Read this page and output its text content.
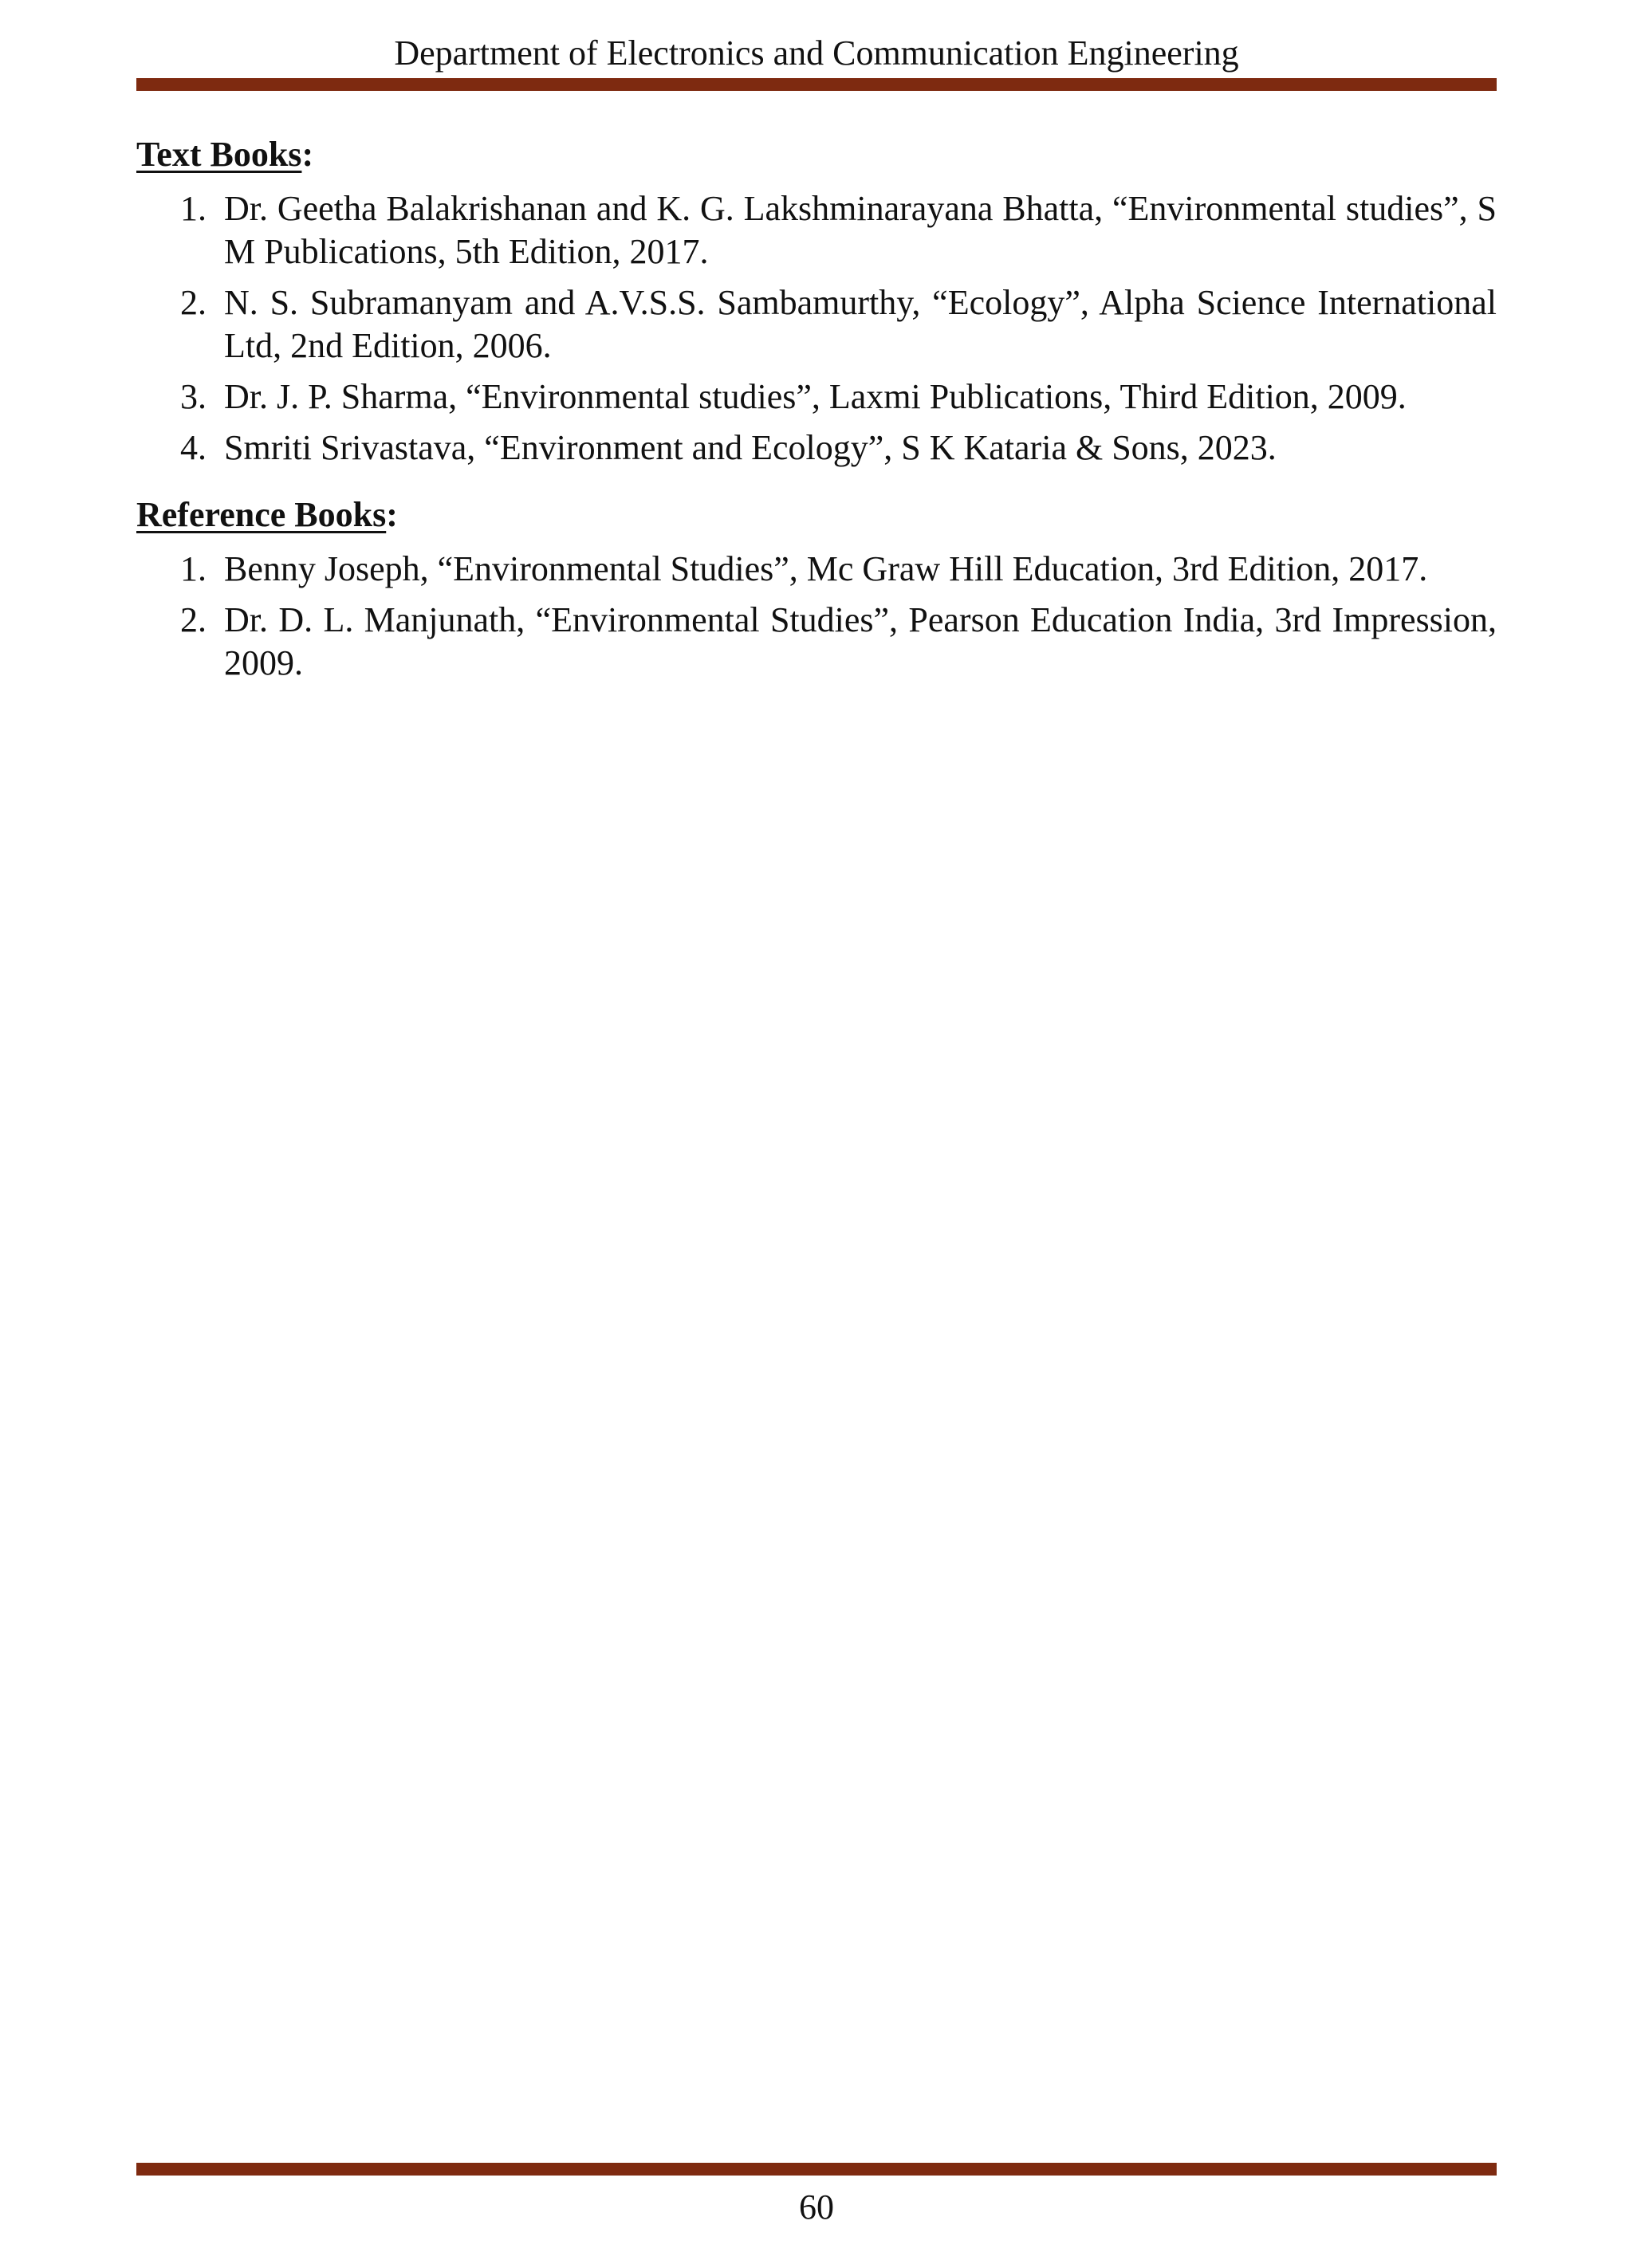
Department of Electronics and Communication Engineering
Text Books:
1. Dr. Geetha Balakrishanan and K. G. Lakshminarayana Bhatta, “Environmental studies”, S M Publications, 5th Edition, 2017.
2. N. S. Subramanyam and A.V.S.S. Sambamurthy, “Ecology”, Alpha Science International Ltd, 2nd Edition, 2006.
3. Dr. J. P. Sharma, “Environmental studies”, Laxmi Publications, Third Edition, 2009.
4. Smriti Srivastava, “Environment and Ecology”, S K Kataria & Sons, 2023.
Reference Books:
1. Benny Joseph, “Environmental Studies”, Mc Graw Hill Education, 3rd Edition, 2017.
2. Dr. D. L. Manjunath, “Environmental Studies”, Pearson Education India, 3rd Impression, 2009.
60
